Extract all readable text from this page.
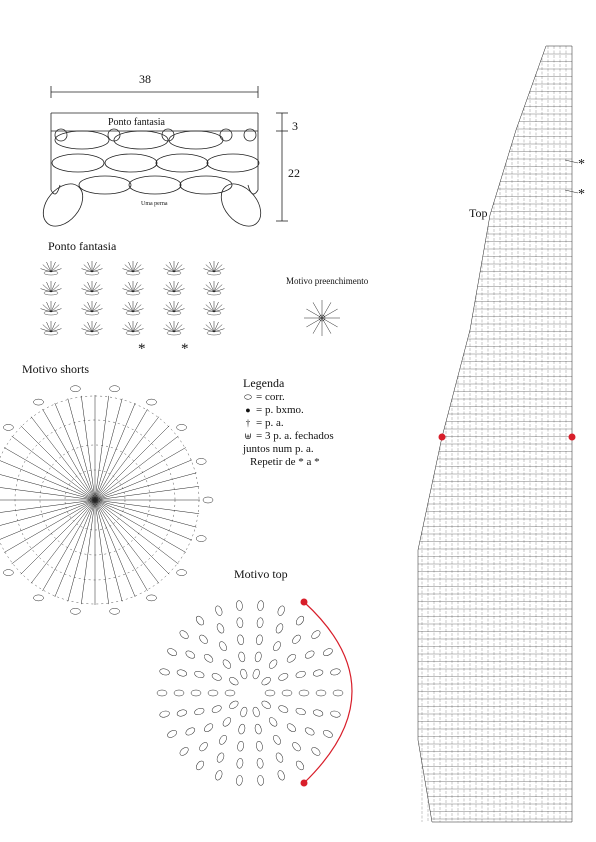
38
Ponto fantasia	3
22
Uma perna
Ponto fantasia
* *
Motivo preenchimento
Motivo shorts
Legenda
⬭ = corr.
● = p. bxmo.
† = p. a.
⊎ = 3 p. a. fechados
juntos num p. a.
Repetir de * a *
Motivo top
Top
*
*
